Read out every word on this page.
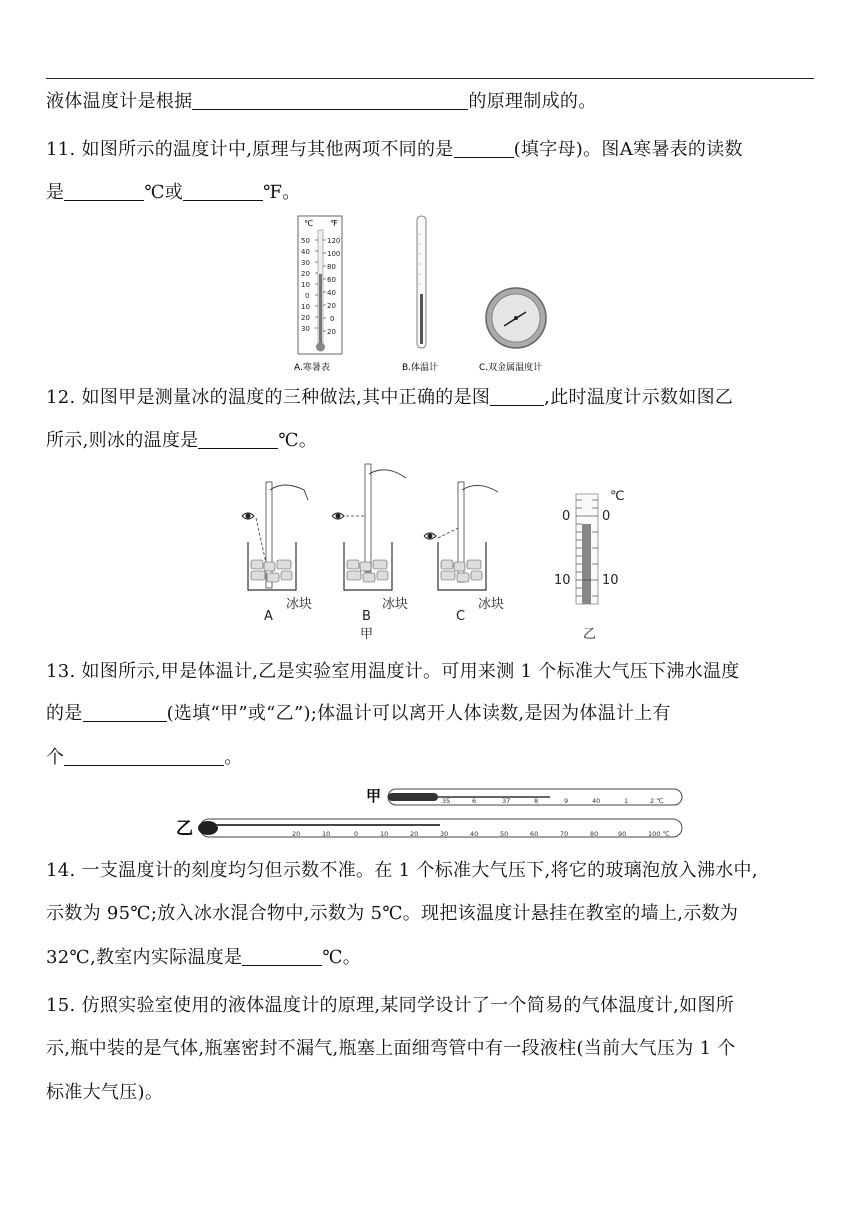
液体温度计是根据	的原理制成的。
11. 如图所示的温度计中,原理与其他两项不同的是	(填字母)。图A寒暑表的读数
是	℃或	℉。
℃ ℉
50
40
30
20
10
0
10
20
30
120
100
80
60
40
20
0
20
A.寒暑表	B.体温计	C.双金属温度计
12. 如图甲是测量冰的温度的三种做法,其中正确的是图	,此时温度计示数如图乙
所示,则冰的温度是	℃。
冰块	冰块	冰块
A	B	C
甲
℃
0 0
10 10
乙
13. 如图所示,甲是体温计,乙是实验室用温度计。可用来测 1 个标准大气压下沸水温度
的是	(选填“甲”或“乙”);体温计可以离开人体读数,是因为体温计上有
个	。
甲	35	6	37	8	9	40	1	2 ℃
乙	20	10	0	10	20	30	40	50	60	70	80	90	100 ℃
14. 一支温度计的刻度均匀但示数不准。在 1 个标准大气压下,将它的玻璃泡放入沸水中,
示数为 95℃;放入冰水混合物中,示数为 5℃。现把该温度计悬挂在教室的墙上,示数为
32℃,教室内实际温度是	℃。
15. 仿照实验室使用的液体温度计的原理,某同学设计了一个简易的气体温度计,如图所
示,瓶中装的是气体,瓶塞密封不漏气,瓶塞上面细弯管中有一段液柱(当前大气压为 1 个
标准大气压)。
